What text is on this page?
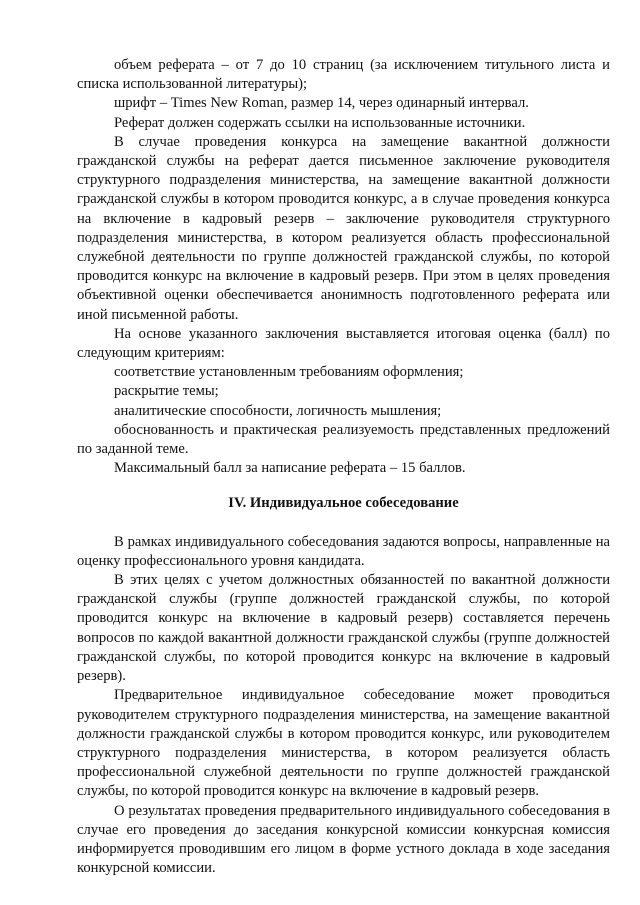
объем реферата – от 7 до 10 страниц (за исключением титульного листа и списка использованной литературы);

шрифт – Times New Roman, размер 14, через одинарный интервал.

Реферат должен содержать ссылки на использованные источники.

В случае проведения конкурса на замещение вакантной должности гражданской службы на реферат дается письменное заключение руководителя структурного подразделения министерства, на замещение вакантной должности гражданской службы в котором проводится конкурс, а в случае проведения конкурса на включение в кадровый резерв – заключение руководителя структурного подразделения министерства, в котором реализуется область профессиональной служебной деятельности по группе должностей гражданской службы, по которой проводится конкурс на включение в кадровый резерв. При этом в целях проведения объективной оценки обеспечивается анонимность подготовленного реферата или иной письменной работы.

На основе указанного заключения выставляется итоговая оценка (балл) по следующим критериям:

соответствие установленным требованиям оформления;

раскрытие темы;

аналитические способности, логичность мышления;

обоснованность и практическая реализуемость представленных предложений по заданной теме.

Максимальный балл за написание реферата – 15 баллов.

IV. Индивидуальное собеседование

В рамках индивидуального собеседования задаются вопросы, направленные на оценку профессионального уровня кандидата.

В этих целях с учетом должностных обязанностей по вакантной должности гражданской службы (группе должностей гражданской службы, по которой проводится конкурс на включение в кадровый резерв) составляется перечень вопросов по каждой вакантной должности гражданской службы (группе должностей гражданской службы, по которой проводится конкурс на включение в кадровый резерв).

Предварительное индивидуальное собеседование может проводиться руководителем структурного подразделения министерства, на замещение вакантной должности гражданской службы в котором проводится конкурс, или руководителем структурного подразделения министерства, в котором реализуется область профессиональной служебной деятельности по группе должностей гражданской службы, по которой проводится конкурс на включение в кадровый резерв.

О результатах проведения предварительного индивидуального собеседования в случае его проведения до заседания конкурсной комиссии конкурсная комиссия информируется проводившим его лицом в форме устного доклада в ходе заседания конкурсной комиссии.
